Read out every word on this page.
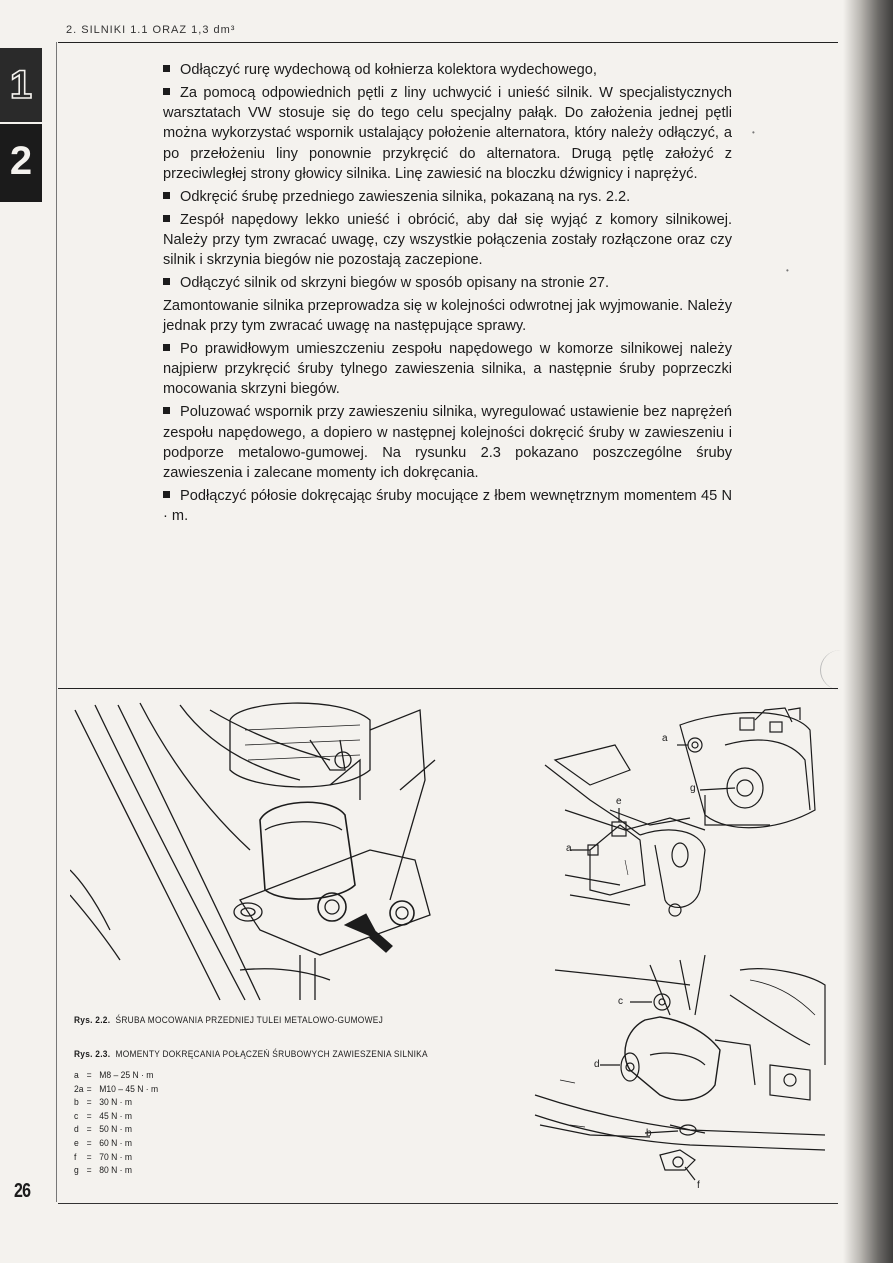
2. SILNIKI 1.1 ORAZ 1,3 dm³
1
2

Odłączyć rurę wydechową od kołnierza kolektora wydechowego,

Za pomocą odpowiednich pętli z liny uchwycić i unieść silnik. W specjalistycznych warsztatach VW stosuje się do tego celu specjalny pałąk. Do założenia jednej pętli można wykorzystać wspornik ustalający położenie alternatora, który należy odłączyć, a po przełożeniu liny ponownie przykręcić do alternatora. Drugą pętlę założyć z przeciwległej strony głowicy silnika. Linę zawiesić na bloczku dźwignicy i naprężyć.

Odkręcić śrubę przedniego zawieszenia silnika, pokazaną na rys. 2.2.

Zespół napędowy lekko unieść i obrócić, aby dał się wyjąć z komory silnikowej. Należy przy tym zwracać uwagę, czy wszystkie połączenia zostały rozłączone oraz czy silnik i skrzynia biegów nie pozostają zaczepione.

Odłączyć silnik od skrzyni biegów w sposób opisany na stronie 27.

Zamontowanie silnika przeprowadza się w kolejności odwrotnej jak wyjmowanie. Należy jednak przy tym zwracać uwagę na następujące sprawy.

Po prawidłowym umieszczeniu zespołu napędowego w komorze silnikowej należy najpierw przykręcić śruby tylnego zawieszenia silnika, a następnie śruby poprzeczki mocowania skrzyni biegów.

Poluzować wspornik przy zawieszeniu silnika, wyregulować ustawienie bez naprężeń zespołu napędowego, a dopiero w następnej kolejności dokręcić śruby w zawieszeniu i podporze metalowo-gumowej. Na rysunku 2.3 pokazano poszczególne śruby zawieszenia i zalecane momenty ich dokręcania.

Podłączyć półosie dokręcając śruby mocujące z łbem wewnętrznym momentem 45 N · m.

•
•
Rys. 2.2. ŚRUBA MOCOWANIA PRZEDNIEJ TULEI METALOWO-GUMOWEJ
Rys. 2.3. MOMENTY DOKRĘCANIA POŁĄCZEŃ ŚRUBOWYCH ZAWIESZENIA SILNIKA
a = M8 – 25 N · m
2a = M10 – 45 N · m
b = 30 N · m
c = 45 N · m
d = 50 N · m
e = 60 N · m
f	= 70 N · m
g = 80 N · m
a
g
e
a
c
d
b
f
26
